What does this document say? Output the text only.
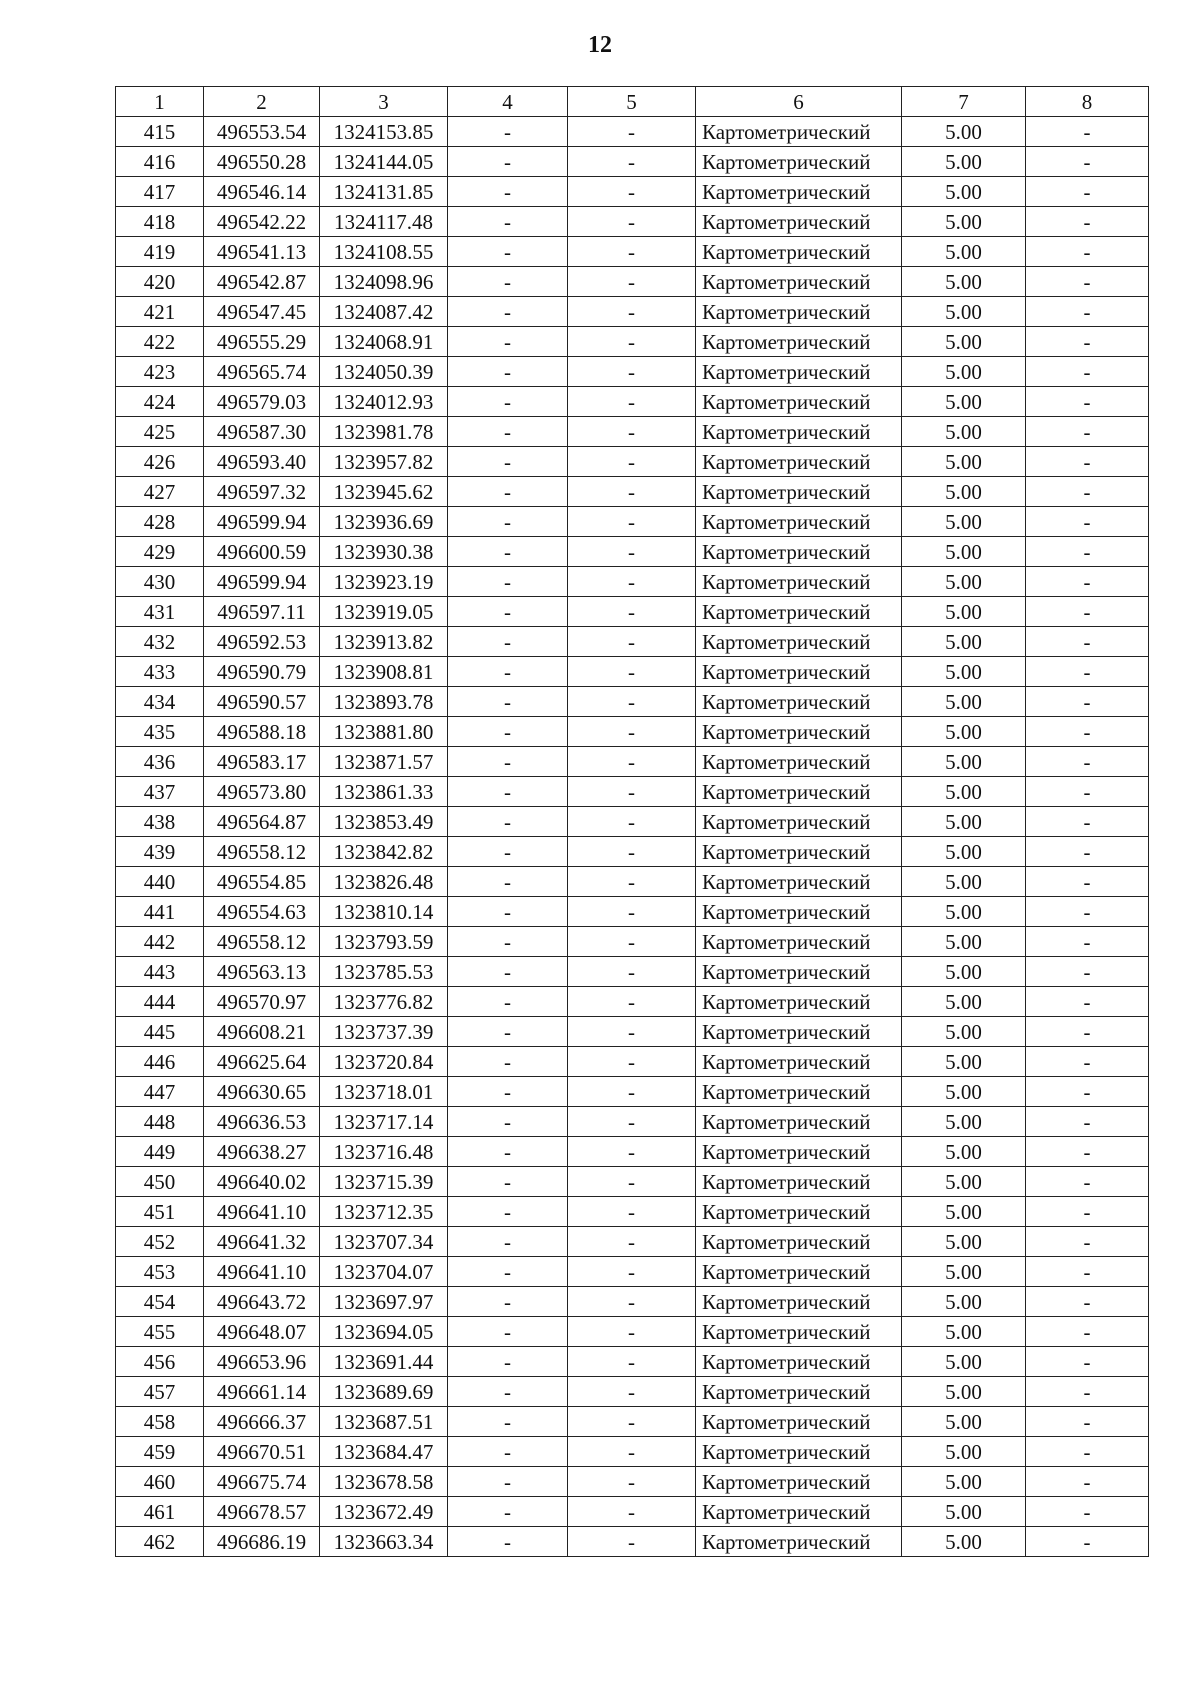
12
1	2	3	4	5	6	7	8
415	496553.54	1324153.85	-	-	Картометрический	5.00	-
416	496550.28	1324144.05	-	-	Картометрический	5.00	-
417	496546.14	1324131.85	-	-	Картометрический	5.00	-
418	496542.22	1324117.48	-	-	Картометрический	5.00	-
419	496541.13	1324108.55	-	-	Картометрический	5.00	-
420	496542.87	1324098.96	-	-	Картометрический	5.00	-
421	496547.45	1324087.42	-	-	Картометрический	5.00	-
422	496555.29	1324068.91	-	-	Картометрический	5.00	-
423	496565.74	1324050.39	-	-	Картометрический	5.00	-
424	496579.03	1324012.93	-	-	Картометрический	5.00	-
425	496587.30	1323981.78	-	-	Картометрический	5.00	-
426	496593.40	1323957.82	-	-	Картометрический	5.00	-
427	496597.32	1323945.62	-	-	Картометрический	5.00	-
428	496599.94	1323936.69	-	-	Картометрический	5.00	-
429	496600.59	1323930.38	-	-	Картометрический	5.00	-
430	496599.94	1323923.19	-	-	Картометрический	5.00	-
431	496597.11	1323919.05	-	-	Картометрический	5.00	-
432	496592.53	1323913.82	-	-	Картометрический	5.00	-
433	496590.79	1323908.81	-	-	Картометрический	5.00	-
434	496590.57	1323893.78	-	-	Картометрический	5.00	-
435	496588.18	1323881.80	-	-	Картометрический	5.00	-
436	496583.17	1323871.57	-	-	Картометрический	5.00	-
437	496573.80	1323861.33	-	-	Картометрический	5.00	-
438	496564.87	1323853.49	-	-	Картометрический	5.00	-
439	496558.12	1323842.82	-	-	Картометрический	5.00	-
440	496554.85	1323826.48	-	-	Картометрический	5.00	-
441	496554.63	1323810.14	-	-	Картометрический	5.00	-
442	496558.12	1323793.59	-	-	Картометрический	5.00	-
443	496563.13	1323785.53	-	-	Картометрический	5.00	-
444	496570.97	1323776.82	-	-	Картометрический	5.00	-
445	496608.21	1323737.39	-	-	Картометрический	5.00	-
446	496625.64	1323720.84	-	-	Картометрический	5.00	-
447	496630.65	1323718.01	-	-	Картометрический	5.00	-
448	496636.53	1323717.14	-	-	Картометрический	5.00	-
449	496638.27	1323716.48	-	-	Картометрический	5.00	-
450	496640.02	1323715.39	-	-	Картометрический	5.00	-
451	496641.10	1323712.35	-	-	Картометрический	5.00	-
452	496641.32	1323707.34	-	-	Картометрический	5.00	-
453	496641.10	1323704.07	-	-	Картометрический	5.00	-
454	496643.72	1323697.97	-	-	Картометрический	5.00	-
455	496648.07	1323694.05	-	-	Картометрический	5.00	-
456	496653.96	1323691.44	-	-	Картометрический	5.00	-
457	496661.14	1323689.69	-	-	Картометрический	5.00	-
458	496666.37	1323687.51	-	-	Картометрический	5.00	-
459	496670.51	1323684.47	-	-	Картометрический	5.00	-
460	496675.74	1323678.58	-	-	Картометрический	5.00	-
461	496678.57	1323672.49	-	-	Картометрический	5.00	-
462	496686.19	1323663.34	-	-	Картометрический	5.00	-
